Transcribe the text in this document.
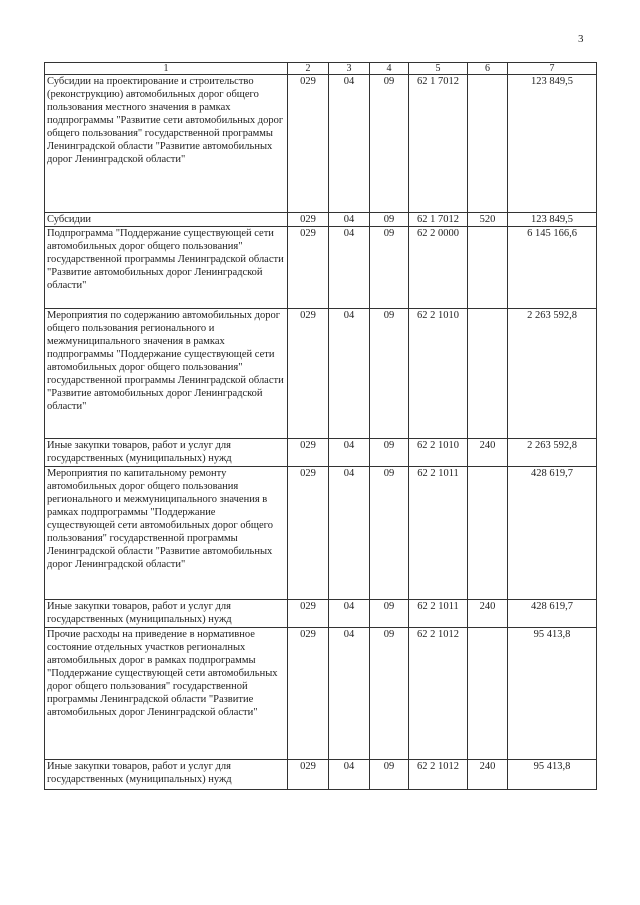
3
1	2	3	4	5	6	7
Субсидии на проектирование и строительство (реконструкцию) автомобильных дорог общего пользования местного значения в рамках подпрограммы "Развитие сети автомобильных дорог общего пользования" государственной программы Ленинградской области "Развитие автомобильных дорог Ленинградской области"	029	04	09	62 1 7012		123 849,5
Субсидии	029	04	09	62 1 7012	520	123 849,5
Подпрограмма "Поддержание существующей сети автомобильных дорог общего пользования" государственной программы Ленинградской области "Развитие автомобильных дорог Ленинградской области"	029	04	09	62 2 0000		6 145 166,6
Мероприятия по содержанию автомобильных дорог общего пользования регионального и межмуниципального значения в рамках подпрограммы "Поддержание существующей сети автомобильных дорог общего пользования" государственной программы Ленинградской области "Развитие автомобильных дорог Ленинградской области"	029	04	09	62 2 1010		2 263 592,8
Иные закупки товаров, работ и услуг для государственных (муниципальных) нужд	029	04	09	62 2 1010	240	2 263 592,8
Мероприятия по капитальному ремонту автомобильных дорог общего пользования регионального и межмуниципального значения в рамках подпрограммы "Поддержание существующей сети автомобильных дорог общего пользования" государственной программы Ленинградской области "Развитие автомобильных дорог Ленинградской области"	029	04	09	62 2 1011		428 619,7
Иные закупки товаров, работ и услуг для государственных (муниципальных) нужд	029	04	09	62 2 1011	240	428 619,7
Прочие расходы на приведение в нормативное состояние отдельных участков регионалных автомобильных дорог в рамках подпрограммы "Поддержание существующей сети автомобильных дорог общего пользования" государственной программы Ленинградской области "Развитие автомобильных дорог Ленинградской области"	029	04	09	62 2 1012		95 413,8
Иные закупки товаров, работ и услуг для государственных (муниципальных) нужд	029	04	09	62 2 1012	240	95 413,8
